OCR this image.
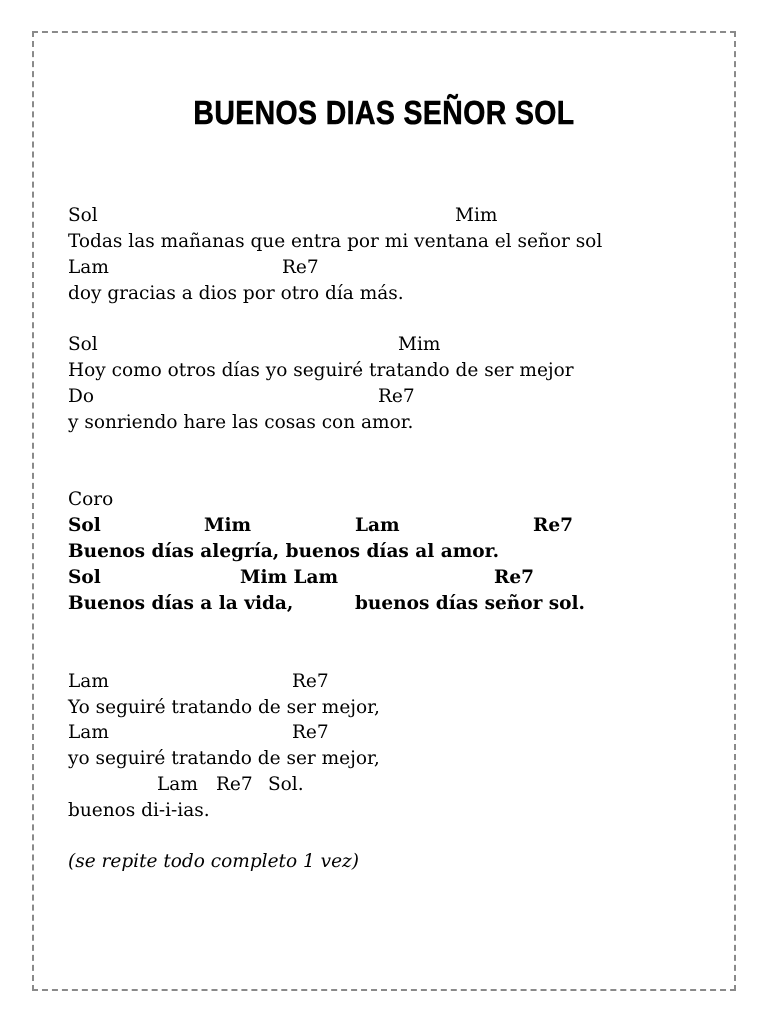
BUENOS DIAS SEÑOR SOL
Sol	Mim
Todas las mañanas que entra por mi ventana el señor sol
Lam	Re7
doy gracias a dios por otro día más.
Sol	Mim
Hoy como otros días yo seguiré tratando de ser mejor
Do	Re7
y sonriendo hare las cosas con amor.
Coro
Sol	Mim	Lam	Re7
Buenos días alegría, buenos días al amor.
Sol	Mim Lam	Re7
Buenos días a la vida,	buenos días señor sol.
Lam	Re7
Yo seguiré tratando de ser mejor,
Lam	Re7
yo seguiré tratando de ser mejor,
Lam Re7 Sol.
buenos di-i-ias.
(se repite todo completo 1 vez)
